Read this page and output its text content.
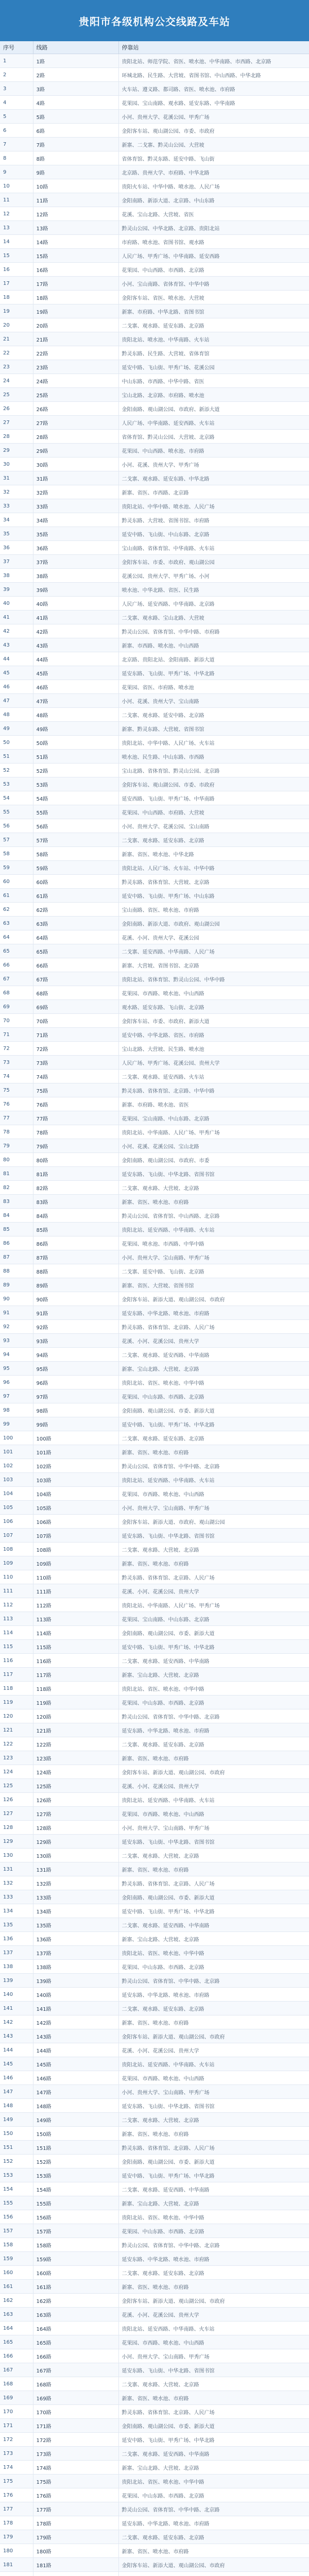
贵阳市各级机构公交线路及车站
序号	线路	停靠站
1	1路	贵阳北站、师范学院、省医、喷水池、中华南路、市西路、北京路
2	2路	环城北路、民生路、大营坡、省图书馆、中山西路、中华北路
3	3路	火车站、遵义路、都司路、省医、喷水池、市府路
4	4路	花果园、宝山南路、观水路、延安东路、中华南路
5	5路	小河、贵州大学、花溪公园、甲秀广场
6	6路	金阳客车站、观山湖公园、市委、市政府
7	7路	新寨、二戈寨、黔灵山公园、大营坡
8	8路	省体育馆、黔灵东路、延安中路、飞山街
9	9路	北京路、贵州大学、市府路、中华北路
10	10路	贵阳火车站、中华中路、喷水池、人民广场
11	11路	金阳南路、新添大道、北京路、中山东路
12	12路	花溪、宝山北路、大营坡、省医
13	13路	黔灵山公园、中华北路、北京路、贵阳北站
14	14路	市府路、喷水池、省图书馆、观水路
15	15路	人民广场、甲秀广场、中华南路、延安西路
16	16路	花果园、中山西路、市西路、北京路
17	17路	小河、宝山南路、省体育馆、中华中路
18	18路	金阳客车站、省医、喷水池、大营坡
19	19路	新寨、市府路、中华北路、省图书馆
20	20路	二戈寨、观水路、延安东路、北京路
21	21路	贵阳北站、喷水池、中华南路、火车站
22	22路	黔灵东路、民生路、大营坡、省体育馆
23	23路	延安中路、飞山街、甲秀广场、花溪公园
24	24路	中山东路、市西路、中华中路、省医
25	25路	宝山北路、北京路、市府路、喷水池
26	26路	金阳南路、观山湖公园、市政府、新添大道
27	27路	人民广场、中华南路、延安西路、火车站
28	28路	省体育馆、黔灵山公园、大营坡、北京路
29	29路	花果园、中山西路、喷水池、市府路
30	30路	小河、花溪、贵州大学、甲秀广场
31	31路	二戈寨、观水路、延安东路、中华北路
32	32路	新寨、省医、市西路、北京路
33	33路	贵阳北站、中华中路、喷水池、人民广场
34	34路	黔灵东路、大营坡、省图书馆、市府路
35	35路	延安中路、飞山街、中山东路、北京路
36	36路	宝山南路、省体育馆、中华南路、火车站
37	37路	金阳客车站、市委、市政府、观山湖公园
38	38路	花溪公园、贵州大学、甲秀广场、小河
39	39路	喷水池、中华北路、省医、民生路
40	40路	人民广场、延安西路、中华南路、北京路
41	41路	二戈寨、观水路、宝山北路、大营坡
42	42路	黔灵山公园、省体育馆、中华中路、市府路
43	43路	新寨、市西路、喷水池、中山西路
44	44路	北京路、贵阳北站、金阳南路、新添大道
45	45路	延安东路、飞山街、甲秀广场、中华北路
46	46路	花果园、省医、市府路、喷水池
47	47路	小河、花溪、贵州大学、宝山南路
48	48路	二戈寨、观水路、延安中路、北京路
49	49路	新寨、黔灵东路、大营坡、省图书馆
50	50路	贵阳北站、中华中路、人民广场、火车站
51	51路	喷水池、民生路、中山东路、市西路
52	52路	宝山北路、省体育馆、黔灵山公园、北京路
53	53路	金阳客车站、观山湖公园、市委、市政府
54	54路	延安西路、飞山街、甲秀广场、中华南路
55	55路	花果园、中山西路、市府路、大营坡
56	56路	小河、贵州大学、花溪公园、宝山南路
57	57路	二戈寨、观水路、延安东路、北京路
58	58路	新寨、省医、喷水池、中华北路
59	59路	贵阳北站、人民广场、火车站、中华中路
60	60路	黔灵东路、省体育馆、大营坡、北京路
61	61路	延安中路、飞山街、甲秀广场、中山东路
62	62路	宝山南路、省医、喷水池、市府路
63	63路	金阳南路、新添大道、市政府、观山湖公园
64	64路	花溪、小河、贵州大学、花溪公园
65	65路	二戈寨、延安西路、中华南路、人民广场
66	66路	新寨、大营坡、省图书馆、北京路
67	67路	贵阳北站、省体育馆、黔灵山公园、中华中路
68	68路	花果园、市西路、喷水池、中山西路
69	69路	观水路、延安东路、飞山街、北京路
70	70路	金阳客车站、市委、市政府、新添大道
71	71路	延安中路、中华北路、省医、市府路
72	72路	宝山北路、大营坡、民生路、喷水池
73	73路	人民广场、甲秀广场、花溪公园、贵州大学
74	74路	二戈寨、观水路、延安西路、火车站
75	75路	黔灵东路、省体育馆、北京路、中华中路
76	76路	新寨、市府路、喷水池、省医
77	77路	花果园、宝山南路、中山东路、北京路
78	78路	贵阳北站、中华南路、人民广场、甲秀广场
79	79路	小河、花溪、花溪公园、宝山北路
80	80路	金阳南路、观山湖公园、市政府、市委
81	81路	延安东路、飞山街、中华北路、省图书馆
82	82路	二戈寨、观水路、大营坡、北京路
83	83路	新寨、省医、喷水池、市府路
84	84路	黔灵山公园、省体育馆、中山西路、北京路
85	85路	贵阳北站、延安西路、中华南路、火车站
86	86路	花果园、喷水池、市西路、中华中路
87	87路	小河、贵州大学、宝山南路、甲秀广场
88	88路	二戈寨、延安中路、飞山街、北京路
89	89路	新寨、省医、大营坡、省图书馆
90	90路	金阳客车站、新添大道、观山湖公园、市政府
91	91路	延安东路、中华北路、喷水池、市府路
92	92路	黔灵东路、省体育馆、北京路、人民广场
93	93路	花溪、小河、花溪公园、贵州大学
94	94路	二戈寨、观水路、延安西路、中华南路
95	95路	新寨、宝山北路、大营坡、北京路
96	96路	贵阳北站、省医、喷水池、中华中路
97	97路	花果园、中山东路、市西路、北京路
98	98路	金阳南路、观山湖公园、市委、新添大道
99	99路	延安中路、飞山街、甲秀广场、中华北路
100	100路	二戈寨、观水路、延安东路、北京路
101	101路	新寨、省医、喷水池、市府路
102	102路	黔灵山公园、省体育馆、中华中路、北京路
103	103路	贵阳北站、延安西路、中华南路、火车站
104	104路	花果园、市西路、喷水池、中山西路
105	105路	小河、贵州大学、宝山南路、甲秀广场
106	106路	金阳客车站、新添大道、市政府、观山湖公园
107	107路	延安东路、飞山街、中华北路、省图书馆
108	108路	二戈寨、观水路、大营坡、北京路
109	109路	新寨、省医、喷水池、市府路
110	110路	黔灵东路、省体育馆、北京路、人民广场
111	111路	花溪、小河、花溪公园、贵州大学
112	112路	贵阳北站、中华南路、人民广场、甲秀广场
113	113路	花果园、宝山南路、中山东路、北京路
114	114路	金阳南路、观山湖公园、市委、新添大道
115	115路	延安中路、飞山街、甲秀广场、中华北路
116	116路	二戈寨、观水路、延安西路、中华南路
117	117路	新寨、宝山北路、大营坡、北京路
118	118路	贵阳北站、省医、喷水池、中华中路
119	119路	花果园、中山东路、市西路、北京路
120	120路	黔灵山公园、省体育馆、中华中路、北京路
121	121路	延安东路、中华北路、喷水池、市府路
122	122路	二戈寨、观水路、延安东路、北京路
123	123路	新寨、省医、喷水池、市府路
124	124路	金阳客车站、新添大道、观山湖公园、市政府
125	125路	花溪、小河、花溪公园、贵州大学
126	126路	贵阳北站、延安西路、中华南路、火车站
127	127路	花果园、市西路、喷水池、中山西路
128	128路	小河、贵州大学、宝山南路、甲秀广场
129	129路	延安东路、飞山街、中华北路、省图书馆
130	130路	二戈寨、观水路、大营坡、北京路
131	131路	新寨、省医、喷水池、市府路
132	132路	黔灵东路、省体育馆、北京路、人民广场
133	133路	金阳南路、观山湖公园、市委、新添大道
134	134路	延安中路、飞山街、甲秀广场、中华北路
135	135路	二戈寨、观水路、延安西路、中华南路
136	136路	新寨、宝山北路、大营坡、北京路
137	137路	贵阳北站、省医、喷水池、中华中路
138	138路	花果园、中山东路、市西路、北京路
139	139路	黔灵山公园、省体育馆、中华中路、北京路
140	140路	延安东路、中华北路、喷水池、市府路
141	141路	二戈寨、观水路、延安东路、北京路
142	142路	新寨、省医、喷水池、市府路
143	143路	金阳客车站、新添大道、观山湖公园、市政府
144	144路	花溪、小河、花溪公园、贵州大学
145	145路	贵阳北站、延安西路、中华南路、火车站
146	146路	花果园、市西路、喷水池、中山西路
147	147路	小河、贵州大学、宝山南路、甲秀广场
148	148路	延安东路、飞山街、中华北路、省图书馆
149	149路	二戈寨、观水路、大营坡、北京路
150	150路	新寨、省医、喷水池、市府路
151	151路	黔灵东路、省体育馆、北京路、人民广场
152	152路	金阳南路、观山湖公园、市委、新添大道
153	153路	延安中路、飞山街、甲秀广场、中华北路
154	154路	二戈寨、观水路、延安西路、中华南路
155	155路	新寨、宝山北路、大营坡、北京路
156	156路	贵阳北站、省医、喷水池、中华中路
157	157路	花果园、中山东路、市西路、北京路
158	158路	黔灵山公园、省体育馆、中华中路、北京路
159	159路	延安东路、中华北路、喷水池、市府路
160	160路	二戈寨、观水路、延安东路、北京路
161	161路	新寨、省医、喷水池、市府路
162	162路	金阳客车站、新添大道、观山湖公园、市政府
163	163路	花溪、小河、花溪公园、贵州大学
164	164路	贵阳北站、延安西路、中华南路、火车站
165	165路	花果园、市西路、喷水池、中山西路
166	166路	小河、贵州大学、宝山南路、甲秀广场
167	167路	延安东路、飞山街、中华北路、省图书馆
168	168路	二戈寨、观水路、大营坡、北京路
169	169路	新寨、省医、喷水池、市府路
170	170路	黔灵东路、省体育馆、北京路、人民广场
171	171路	金阳南路、观山湖公园、市委、新添大道
172	172路	延安中路、飞山街、甲秀广场、中华北路
173	173路	二戈寨、观水路、延安西路、中华南路
174	174路	新寨、宝山北路、大营坡、北京路
175	175路	贵阳北站、省医、喷水池、中华中路
176	176路	花果园、中山东路、市西路、北京路
177	177路	黔灵山公园、省体育馆、中华中路、北京路
178	178路	延安东路、中华北路、喷水池、市府路
179	179路	二戈寨、观水路、延安东路、北京路
180	180路	新寨、省医、喷水池、市府路
181	181路	金阳客车站、新添大道、观山湖公园、市政府
